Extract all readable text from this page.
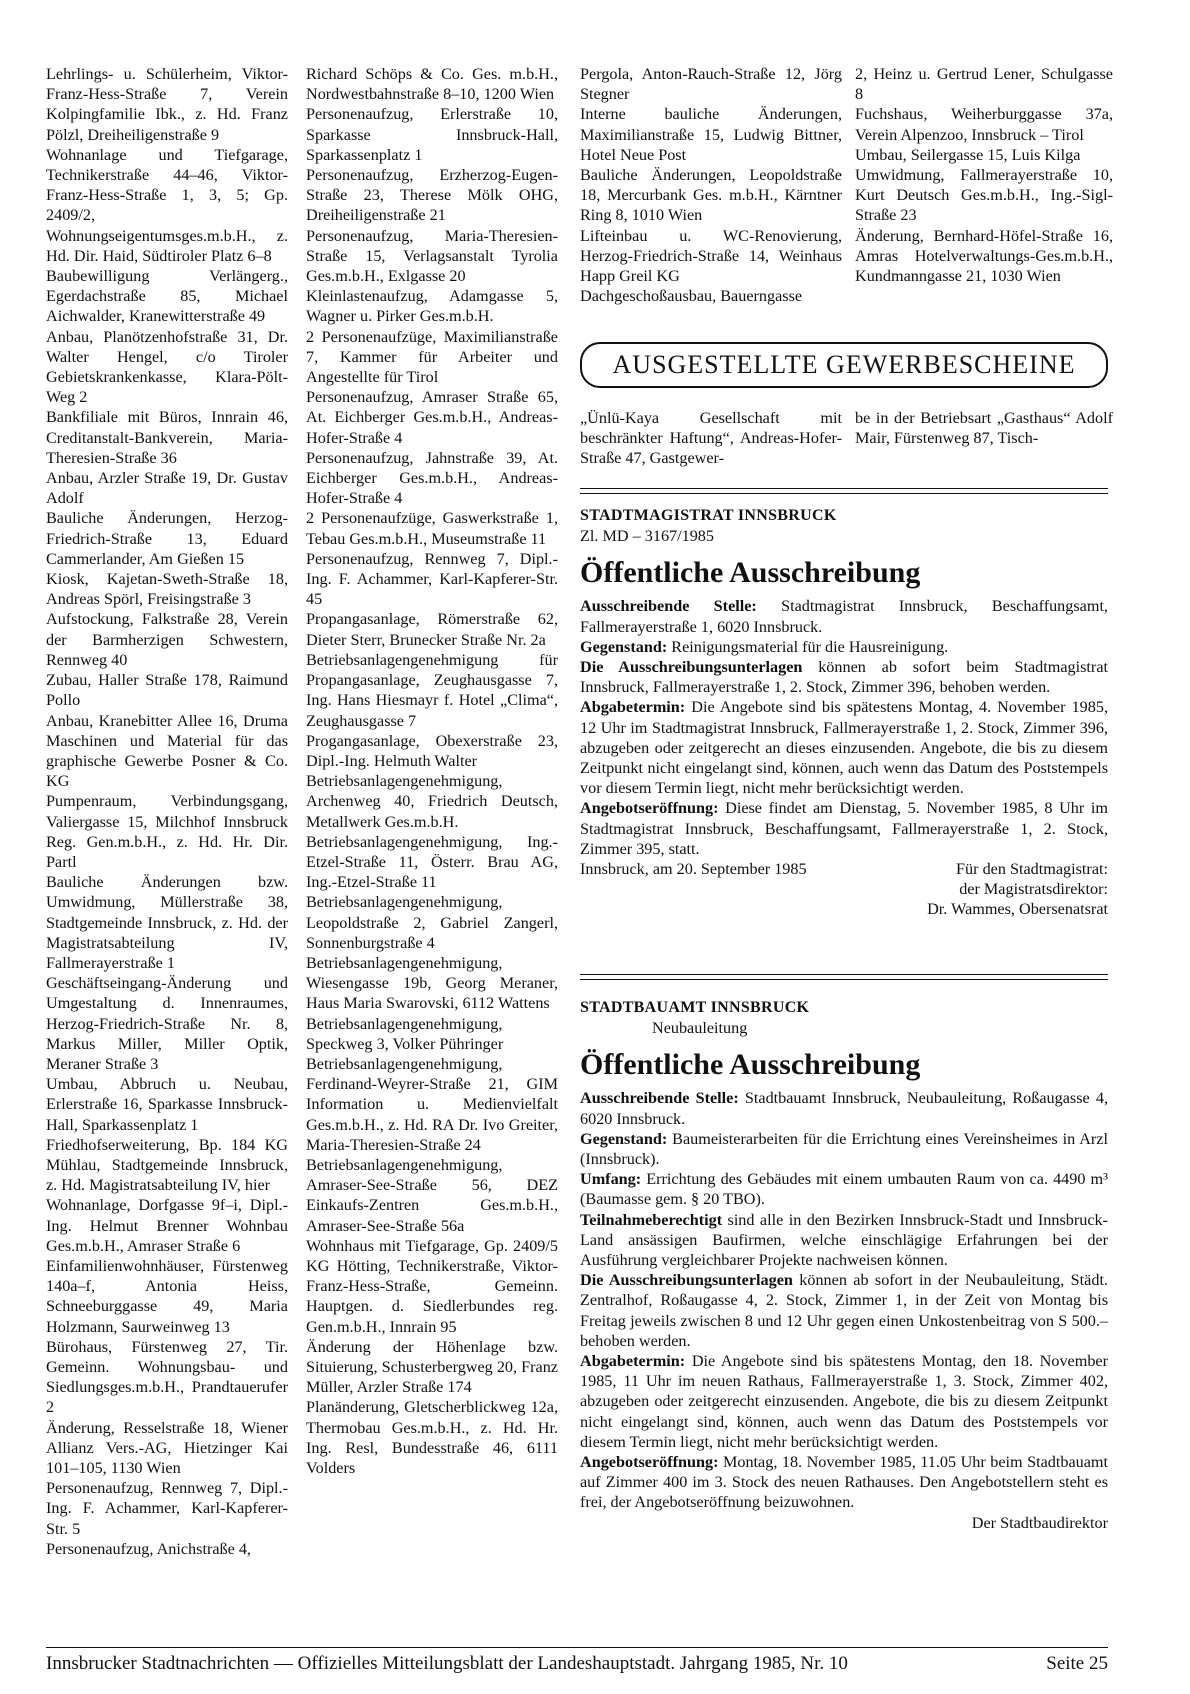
Lehrlings- u. Schülerheim, Viktor-Franz-Hess-Straße 7, Verein Kolpingfamilie Ibk., z. Hd. Franz Pölzl, Dreiheiligenstraße 9

Wohnanlage und Tiefgarage, Technikerstraße 44–46, Viktor-Franz-Hess-Straße 1, 3, 5; Gp. 2409/2, Wohnungseigentumsges.m.b.H., z. Hd. Dir. Haid, Südtiroler Platz 6–8

Baubewilligung Verlängerg., Egerdachstraße 85, Michael Aichwalder, Kranewitterstraße 49

Anbau, Planötzenhofstraße 31, Dr. Walter Hengel, c/o Tiroler Gebietskrankenkasse, Klara-Pölt-Weg 2

Bankfiliale mit Büros, Innrain 46, Creditanstalt-Bankverein, Maria-Theresien-Straße 36

Anbau, Arzler Straße 19, Dr. Gustav Adolf

Bauliche Änderungen, Herzog-Friedrich-Straße 13, Eduard Cammerlander, Am Gießen 15

Kiosk, Kajetan-Sweth-Straße 18, Andreas Spörl, Freisingstraße 3

Aufstockung, Falkstraße 28, Verein der Barmherzigen Schwestern, Rennweg 40

Zubau, Haller Straße 178, Raimund Pollo

Anbau, Kranebitter Allee 16, Druma Maschinen und Material für das graphische Gewerbe Posner & Co. KG

Pumpenraum, Verbindungsgang, Valiergasse 15, Milchhof Innsbruck Reg. Gen.m.b.H., z. Hd. Hr. Dir. Partl

Bauliche Änderungen bzw. Umwidmung, Müllerstraße 38, Stadtgemeinde Innsbruck, z. Hd. der Magistratsabteilung IV, Fallmerayerstraße 1

Geschäftseingang-Änderung und Umgestaltung d. Innenraumes, Herzog-Friedrich-Straße Nr. 8, Markus Miller, Miller Optik, Meraner Straße 3

Umbau, Abbruch u. Neubau, Erlerstraße 16, Sparkasse Innsbruck-Hall, Sparkassenplatz 1

Friedhofserweiterung, Bp. 184 KG Mühlau, Stadtgemeinde Innsbruck, z. Hd. Magistratsabteilung IV, hier

Wohnanlage, Dorfgasse 9f–i, Dipl.-Ing. Helmut Brenner Wohnbau Ges.m.b.H., Amraser Straße 6

Einfamilienwohnhäuser, Fürstenweg 140a–f, Antonia Heiss, Schneeburggasse 49, Maria Holzmann, Saurweinweg 13

Bürohaus, Fürstenweg 27, Tir. Gemeinn. Wohnungsbau- und Siedlungsges.m.b.H., Prandtauerufer 2

Änderung, Resselstraße 18, Wiener Allianz Vers.-AG, Hietzinger Kai 101–105, 1130 Wien

Personenaufzug, Rennweg 7, Dipl.-Ing. F. Achammer, Karl-Kapferer-Str. 5

Personenaufzug, Anichstraße 4,

Richard Schöps & Co. Ges. m.b.H., Nordwestbahnstraße 8–10, 1200 Wien

Personenaufzug, Erlerstraße 10, Sparkasse Innsbruck-Hall, Sparkassenplatz 1

Personenaufzug, Erzherzog-Eugen-Straße 23, Therese Mölk OHG, Dreiheiligenstraße 21

Personenaufzug, Maria-Theresien-Straße 15, Verlagsanstalt Tyrolia Ges.m.b.H., Exlgasse 20

Kleinlastenaufzug, Adamgasse 5, Wagner u. Pirker Ges.m.b.H.

2 Personenaufzüge, Maximilianstraße 7, Kammer für Arbeiter und Angestellte für Tirol

Personenaufzug, Amraser Straße 65, At. Eichberger Ges.m.b.H., Andreas-Hofer-Straße 4

Personenaufzug, Jahnstraße 39, At. Eichberger Ges.m.b.H., Andreas-Hofer-Straße 4

2 Personenaufzüge, Gaswerkstraße 1, Tebau Ges.m.b.H., Museumstraße 11

Personenaufzug, Rennweg 7, Dipl.-Ing. F. Achammer, Karl-Kapferer-Str. 45

Propangasanlage, Römerstraße 62, Dieter Sterr, Brunecker Straße Nr. 2a

Betriebsanlagengenehmigung für Propangasanlage, Zeughausgasse 7, Ing. Hans Hiesmayr f. Hotel „Clima“, Zeughausgasse 7

Progangasanlage, Obexerstraße 23, Dipl.-Ing. Helmuth Walter

Betriebsanlagengenehmigung, Archenweg 40, Friedrich Deutsch, Metallwerk Ges.m.b.H.

Betriebsanlagengenehmigung, Ing.-Etzel-Straße 11, Österr. Brau AG, Ing.-Etzel-Straße 11

Betriebsanlagengenehmigung, Leopoldstraße 2, Gabriel Zangerl, Sonnenburgstraße 4

Betriebsanlagengenehmigung, Wiesengasse 19b, Georg Meraner, Haus Maria Swarovski, 6112 Wattens

Betriebsanlagengenehmigung, Speckweg 3, Volker Pühringer

Betriebsanlagengenehmigung, Ferdinand-Weyrer-Straße 21, GIM Information u. Medienvielfalt Ges.m.b.H., z. Hd. RA Dr. Ivo Greiter, Maria-Theresien-Straße 24

Betriebsanlagengenehmigung, Amraser-See-Straße 56, DEZ Einkaufs-Zentren Ges.m.b.H., Amraser-See-Straße 56a

Wohnhaus mit Tiefgarage, Gp. 2409/5 KG Hötting, Technikerstraße, Viktor-Franz-Hess-Straße, Gemeinn. Hauptgen. d. Siedlerbundes reg. Gen.m.b.H., Innrain 95

Änderung der Höhenlage bzw. Situierung, Schusterbergweg 20, Franz Müller, Arzler Straße 174

Planänderung, Gletscherblickweg 12a, Thermobau Ges.m.b.H., z. Hd. Hr. Ing. Resl, Bundesstraße 46, 6111 Volders

Pergola, Anton-Rauch-Straße 12, Jörg Stegner

Interne bauliche Änderungen, Maximilianstraße 15, Ludwig Bittner, Hotel Neue Post

Bauliche Änderungen, Leopoldstraße 18, Mercurbank Ges. m.b.H., Kärntner Ring 8, 1010 Wien

Lifteinbau u. WC-Renovierung, Herzog-Friedrich-Straße 14, Weinhaus Happ Greil KG

Dachgeschoßausbau, Bauerngasse

2, Heinz u. Gertrud Lener, Schulgasse 8

Fuchshaus, Weiherburggasse 37a, Verein Alpenzoo, Innsbruck – Tirol

Umbau, Seilergasse 15, Luis Kilga

Umwidmung, Fallmerayerstraße 10, Kurt Deutsch Ges.m.b.H., Ing.-Sigl-Straße 23

Änderung, Bernhard-Höfel-Straße 16, Amras Hotelverwaltungs-Ges.m.b.H., Kundmanngasse 21, 1030 Wien

AUSGESTELLTE GEWERBESCHEINE
„Ünlü-Kaya Gesellschaft mit beschränkter Haftung“, Andreas-Hofer-Straße 47, Gastgewer-
be in der Betriebsart „Gasthaus“ Adolf Mair, Fürstenweg 87, Tisch-
STADTMAGISTRAT INNSBRUCK
Zl. MD – 3167/1985
Öffentliche Ausschreibung

Ausschreibende Stelle: Stadtmagistrat Innsbruck, Beschaffungsamt, Fallmerayerstraße 1, 6020 Innsbruck.

Gegenstand: Reinigungsmaterial für die Hausreinigung.

Die Ausschreibungsunterlagen können ab sofort beim Stadtmagistrat Innsbruck, Fallmerayerstraße 1, 2. Stock, Zimmer 396, behoben werden.

Abgabetermin: Die Angebote sind bis spätestens Montag, 4. November 1985, 12 Uhr im Stadtmagistrat Innsbruck, Fallmerayerstraße 1, 2. Stock, Zimmer 396, abzugeben oder zeitgerecht an dieses einzusenden. Angebote, die bis zu diesem Zeitpunkt nicht eingelangt sind, können, auch wenn das Datum des Poststempels vor diesem Termin liegt, nicht mehr berücksichtigt werden.

Angebotseröffnung: Diese findet am Dienstag, 5. November 1985, 8 Uhr im Stadtmagistrat Innsbruck, Beschaffungsamt, Fallmerayerstraße 1, 2. Stock, Zimmer 395, statt.

Innsbruck, am 20. September 1985	Für den Stadtmagistrat:
der Magistratsdirektor:
Dr. Wammes, Obersenatsrat
STADTBAUAMT INNSBRUCK
Neubauleitung
Öffentliche Ausschreibung

Ausschreibende Stelle: Stadtbauamt Innsbruck, Neubauleitung, Roßaugasse 4, 6020 Innsbruck.

Gegenstand: Baumeisterarbeiten für die Errichtung eines Vereinsheimes in Arzl (Innsbruck).

Umfang: Errichtung des Gebäudes mit einem umbauten Raum von ca. 4490 m³ (Baumasse gem. § 20 TBO).

Teilnahmeberechtigt sind alle in den Bezirken Innsbruck-Stadt und Innsbruck-Land ansässigen Baufirmen, welche einschlägige Erfahrungen bei der Ausführung vergleichbarer Projekte nachweisen können.

Die Ausschreibungsunterlagen können ab sofort in der Neubauleitung, Städt. Zentralhof, Roßaugasse 4, 2. Stock, Zimmer 1, in der Zeit von Montag bis Freitag jeweils zwischen 8 und 12 Uhr gegen einen Unkostenbeitrag von S 500.– behoben werden.

Abgabetermin: Die Angebote sind bis spätestens Montag, den 18. November 1985, 11 Uhr im neuen Rathaus, Fallmerayerstraße 1, 3. Stock, Zimmer 402, abzugeben oder zeitgerecht einzusenden. Angebote, die bis zu diesem Zeitpunkt nicht eingelangt sind, können, auch wenn das Datum des Poststempels vor diesem Termin liegt, nicht mehr berücksichtigt werden.

Angebotseröffnung: Montag, 18. November 1985, 11.05 Uhr beim Stadtbauamt auf Zimmer 400 im 3. Stock des neuen Rathauses. Den Angebotstellern steht es frei, der Angebotseröffnung beizuwohnen.

Der Stadtbaudirektor
Innsbrucker Stadtnachrichten — Offizielles Mitteilungsblatt der Landeshauptstadt. Jahrgang 1985, Nr. 10	Seite 25
